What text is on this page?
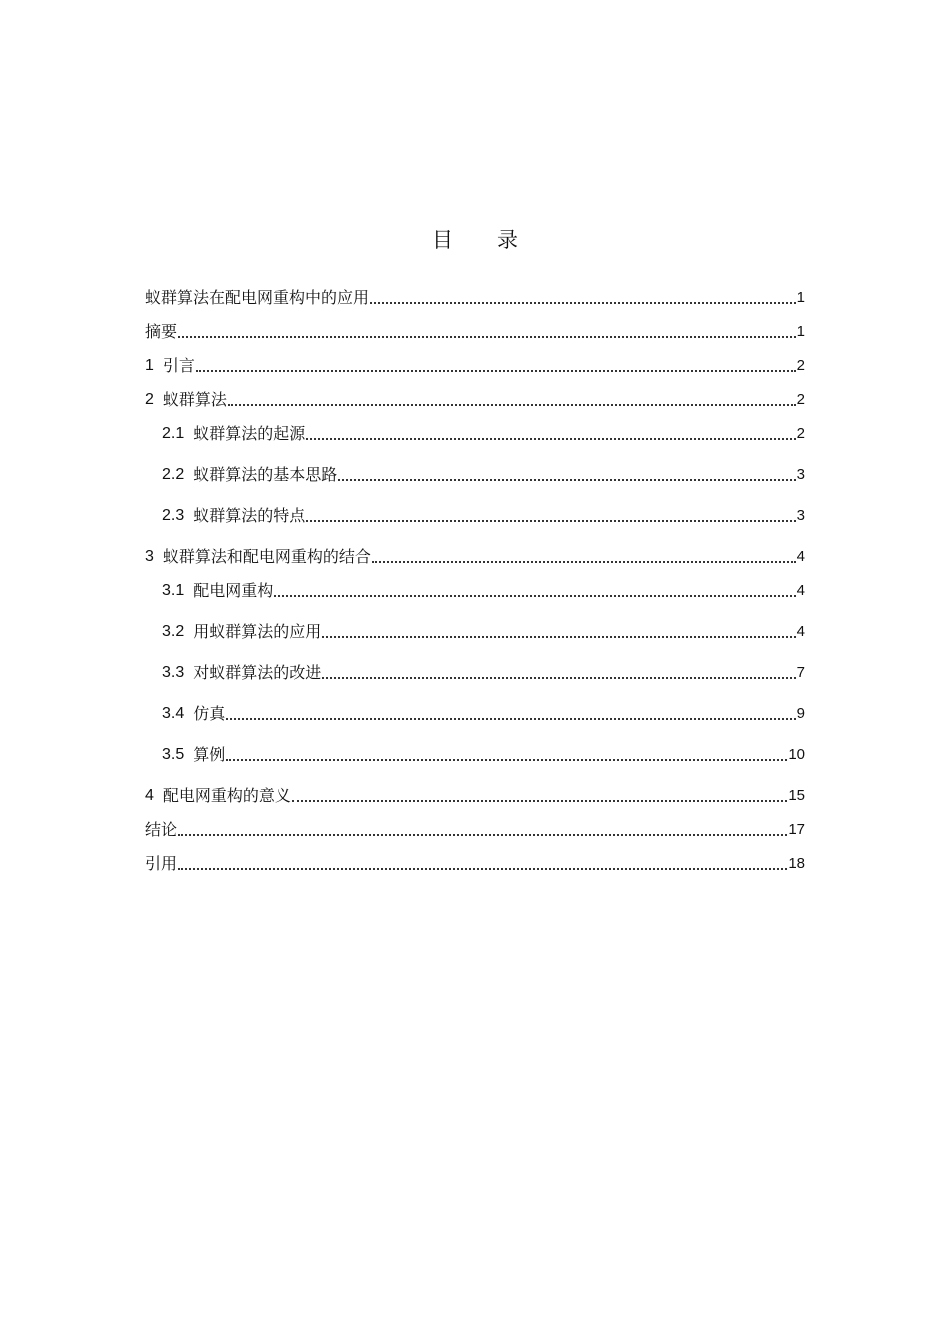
目 录
蚁群算法在配电网重构中的应用	1
摘要	1
1 引言	2
2 蚁群算法	2
2.1 蚁群算法的起源	2
2.2 蚁群算法的基本思路	3
2.3 蚁群算法的特点	3
3 蚁群算法和配电网重构的结合	4
3.1 配电网重构	4
3.2 用蚁群算法的应用	4
3.3 对蚁群算法的改进	7
3.4 仿真	9
3.5 算例	10
4 配电网重构的意义	15
结论	17
引用	18
